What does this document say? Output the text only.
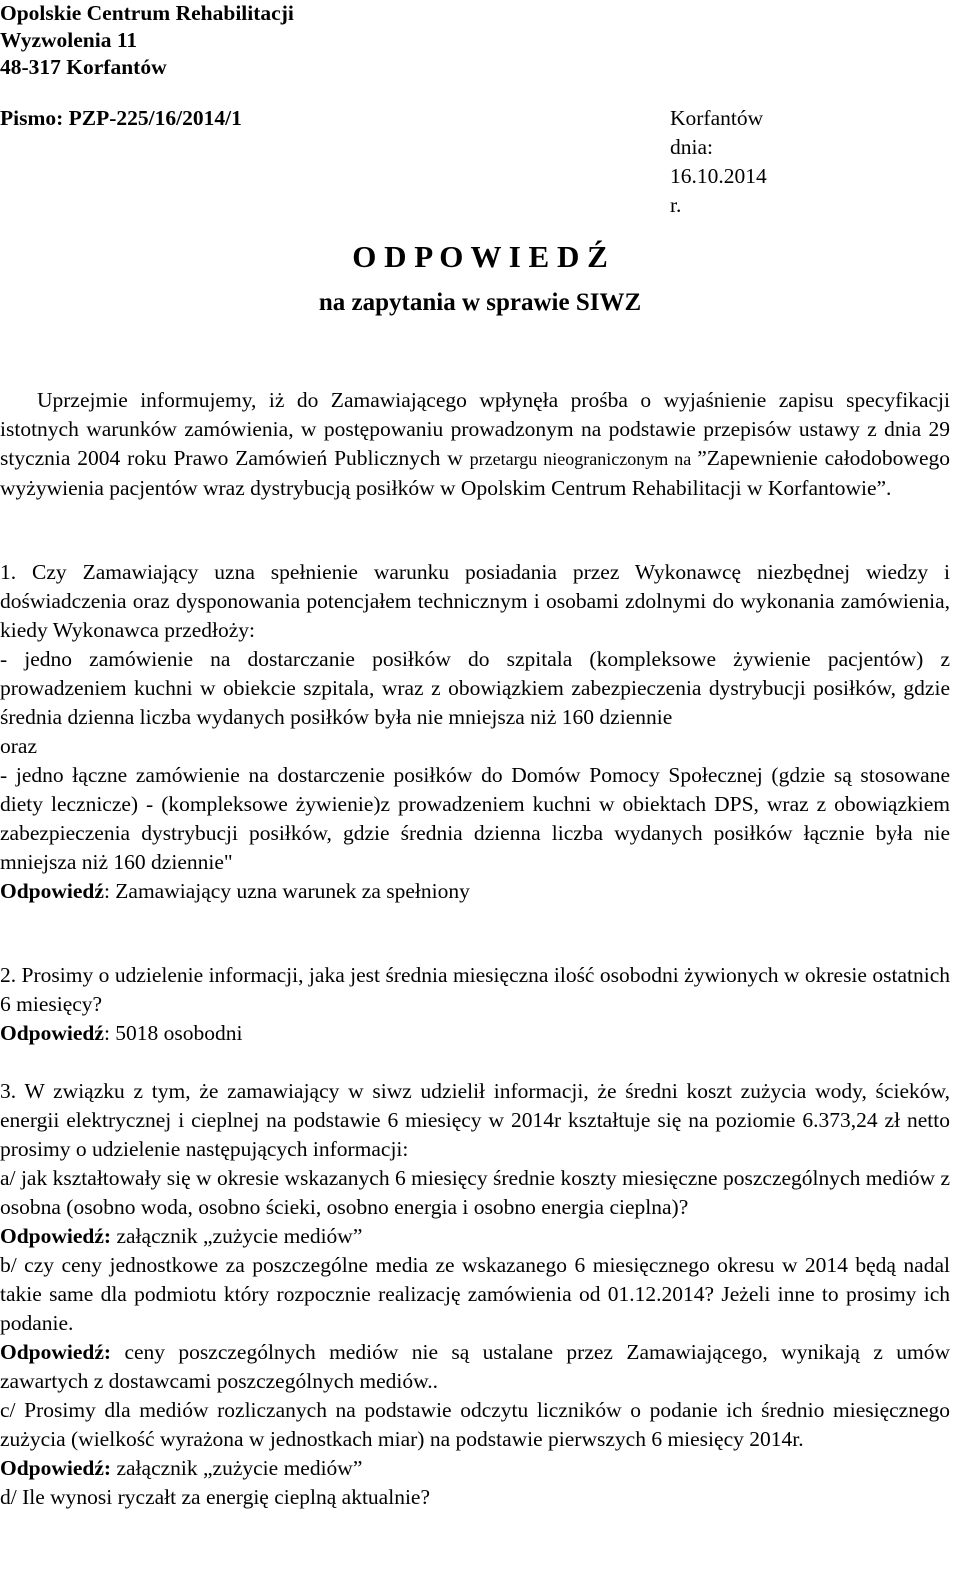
Opolskie Centrum Rehabilitacji
Wyzwolenia 11
48-317 Korfantów
Pismo: PZP-225/16/2014/1	Korfantów dnia: 16.10.2014 r.
O D P O W I E D Ź
na zapytania w sprawie SIWZ
Uprzejmie informujemy, iż do Zamawiającego wpłynęła prośba o wyjaśnienie zapisu specyfikacji istotnych warunków zamówienia, w postępowaniu prowadzonym na podstawie przepisów ustawy z dnia 29 stycznia 2004 roku Prawo Zamówień Publicznych w przetargu nieograniczonym na ”Zapewnienie całodobowego wyżywienia pacjentów wraz dystrybucją posiłków w Opolskim Centrum Rehabilitacji w Korfantowie”.
1. Czy Zamawiający uzna spełnienie warunku posiadania przez Wykonawcę niezbędnej wiedzy i doświadczenia oraz dysponowania potencjałem technicznym i osobami zdolnymi do wykonania zamówienia, kiedy Wykonawca przedłoży:
- jedno zamówienie na dostarczanie posiłków do szpitala (kompleksowe żywienie pacjentów) z prowadzeniem kuchni w obiekcie szpitala, wraz z obowiązkiem zabezpieczenia dystrybucji posiłków, gdzie średnia dzienna liczba wydanych posiłków była nie mniejsza niż 160 dziennie
oraz
- jedno łączne zamówienie na dostarczenie posiłków do Domów Pomocy Społecznej (gdzie są stosowane diety lecznicze) - (kompleksowe żywienie)z prowadzeniem kuchni w obiektach DPS, wraz z obowiązkiem zabezpieczenia dystrybucji posiłków, gdzie średnia dzienna liczba wydanych posiłków łącznie była nie mniejsza niż 160 dziennie"
Odpowiedź: Zamawiający uzna warunek za spełniony
2. Prosimy o udzielenie informacji, jaka jest średnia miesięczna ilość osobodni żywionych w okresie ostatnich 6 miesięcy?
Odpowiedź: 5018 osobodni
3. W związku z tym, że zamawiający w siwz udzielił informacji, że średni koszt zużycia wody, ścieków, energii elektrycznej i cieplnej na podstawie 6 miesięcy w 2014r kształtuje się na poziomie 6.373,24 zł netto prosimy o udzielenie następujących informacji:
a/ jak kształtowały się w okresie wskazanych 6 miesięcy średnie koszty miesięczne poszczególnych mediów z osobna (osobno woda, osobno ścieki, osobno energia i osobno energia cieplna)?
Odpowiedź: załącznik „zużycie mediów”
b/ czy ceny jednostkowe za poszczególne media ze wskazanego 6 miesięcznego okresu w 2014 będą nadal takie same dla podmiotu który rozpocznie realizację zamówienia od 01.12.2014? Jeżeli inne to prosimy ich podanie.
Odpowiedź: ceny poszczególnych mediów nie są ustalane przez Zamawiającego, wynikają z umów zawartych z dostawcami poszczególnych mediów..
c/ Prosimy dla mediów rozliczanych na podstawie odczytu liczników o podanie ich średnio miesięcznego zużycia (wielkość wyrażona w jednostkach miar) na podstawie pierwszych 6 miesięcy 2014r.
Odpowiedź: załącznik „zużycie mediów”
d/ Ile wynosi ryczałt za energię cieplną aktualnie?
